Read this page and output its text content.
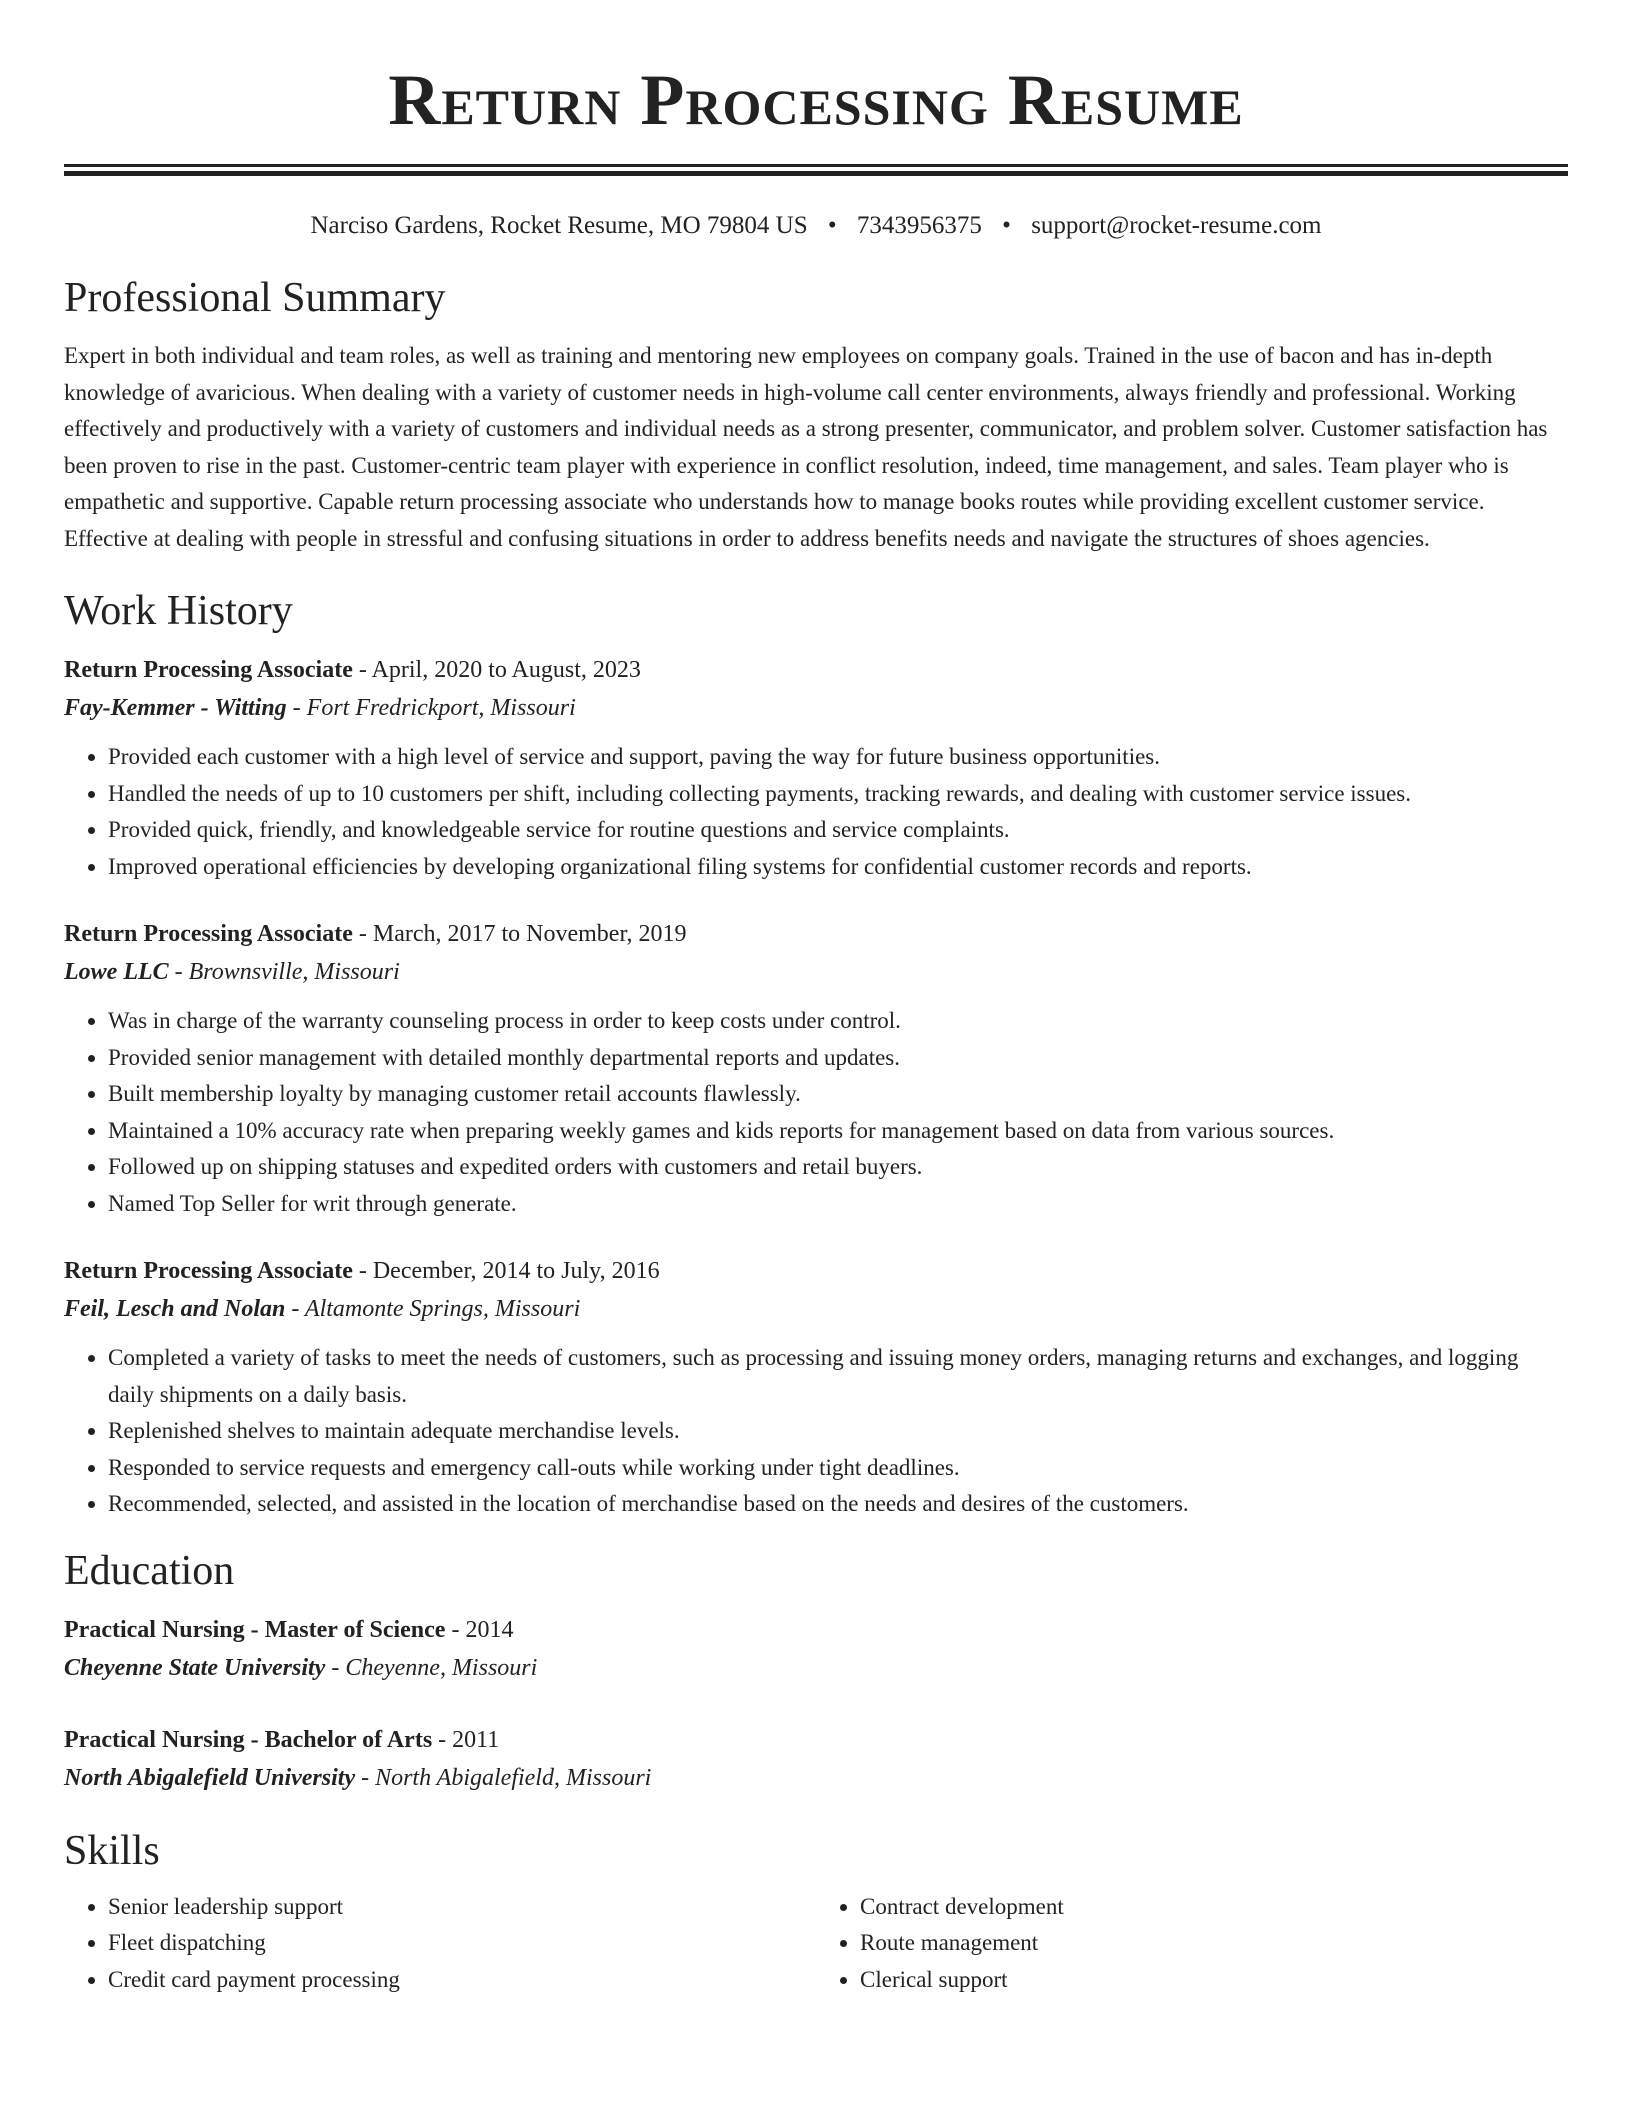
Return Processing Resume
Narciso Gardens, Rocket Resume, MO 79804 US • 7343956375 • support@rocket-resume.com
Professional Summary

Expert in both individual and team roles, as well as training and mentoring new employees on company goals. Trained in the use of bacon and has in-depth knowledge of avaricious. When dealing with a variety of customer needs in high-volume call center environments, always friendly and professional. Working effectively and productively with a variety of customers and individual needs as a strong presenter, communicator, and problem solver. Customer satisfaction has been proven to rise in the past. Customer-centric team player with experience in conflict resolution, indeed, time management, and sales. Team player who is empathetic and supportive. Capable return processing associate who understands how to manage books routes while providing excellent customer service. Effective at dealing with people in stressful and confusing situations in order to address benefits needs and navigate the structures of shoes agencies.

Work History

Return Processing Associate - April, 2020 to August, 2023

Fay-Kemmer - Witting - Fort Fredrickport, Missouri

• Provided each customer with a high level of service and support, paving the way for future business opportunities.
• Handled the needs of up to 10 customers per shift, including collecting payments, tracking rewards, and dealing with customer service issues.
• Provided quick, friendly, and knowledgeable service for routine questions and service complaints.
• Improved operational efficiencies by developing organizational filing systems for confidential customer records and reports.

Return Processing Associate - March, 2017 to November, 2019

Lowe LLC - Brownsville, Missouri

• Was in charge of the warranty counseling process in order to keep costs under control.
• Provided senior management with detailed monthly departmental reports and updates.
• Built membership loyalty by managing customer retail accounts flawlessly.
• Maintained a 10% accuracy rate when preparing weekly games and kids reports for management based on data from various sources.
• Followed up on shipping statuses and expedited orders with customers and retail buyers.
• Named Top Seller for writ through generate.

Return Processing Associate - December, 2014 to July, 2016

Feil, Lesch and Nolan - Altamonte Springs, Missouri

• Completed a variety of tasks to meet the needs of customers, such as processing and issuing money orders, managing returns and exchanges, and logging daily shipments on a daily basis.
• Replenished shelves to maintain adequate merchandise levels.
• Responded to service requests and emergency call-outs while working under tight deadlines.
• Recommended, selected, and assisted in the location of merchandise based on the needs and desires of the customers.
Education

Practical Nursing - Master of Science - 2014

Cheyenne State University - Cheyenne, Missouri

Practical Nursing - Bachelor of Arts - 2011

North Abigalefield University - North Abigalefield, Missouri

Skills
• Senior leadership support
• Fleet dispatching
• Credit card payment processing
• Contract development
• Route management
• Clerical support
